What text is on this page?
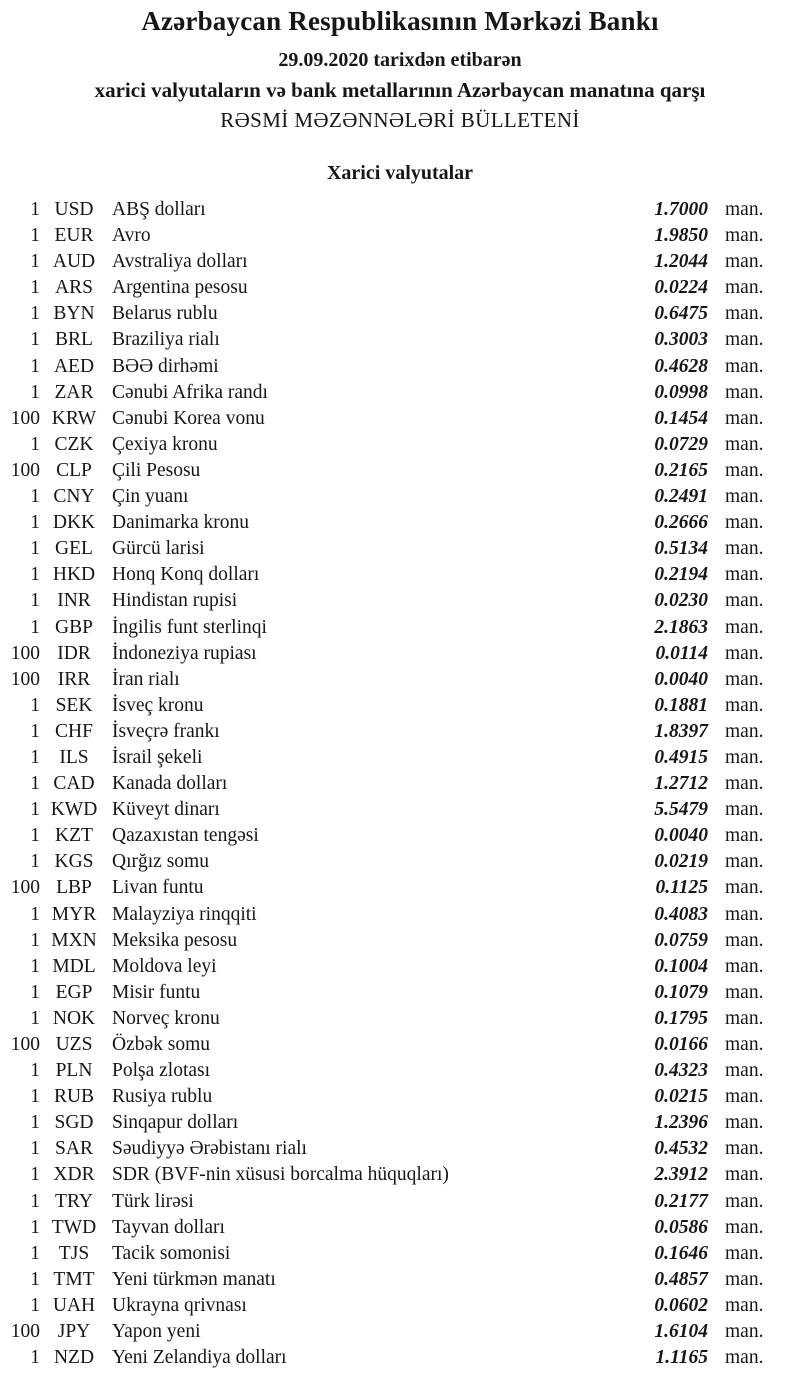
Azərbaycan Respublikasının Mərkəzi Bankı
29.09.2020 tarixdən etibarən
xarici valyutaların və bank metallarının Azərbaycan manatına qarşı
RƏSMİ MƏZƏNNƏLƏRİ BÜLLETENİ
Xarici valyutalar
1 USD ABŞ dolları	1.7000 man.
1 EUR Avro	1.9850 man.
1 AUD Avstraliya dolları	1.2044 man.
1 ARS Argentina pesosu	0.0224 man.
1 BYN Belarus rublu	0.6475 man.
1 BRL Braziliya rialı	0.3003 man.
1 AED BƏƏ dirhəmi	0.4628 man.
1 ZAR Cənubi Afrika randı	0.0998 man.
100 KRW Cənubi Korea vonu	0.1454 man.
1 CZK Çexiya kronu	0.0729 man.
100 CLP	Çili Pesosu	0.2165 man.
1 CNY Çin yuanı	0.2491 man.
1 DKK Danimarka kronu	0.2666 man.
1 GEL Gürcü larisi	0.5134 man.
1 HKD Honq Konq dolları	0.2194 man.
1 INR	Hindistan rupisi	0.0230 man.
1 GBP İngilis funt sterlinqi	2.1863 man.
100 IDR	İndoneziya rupiası	0.0114 man.
100 IRR	İran rialı	0.0040 man.
1 SEK	İsveç kronu	0.1881 man.
1 CHF İsveçrə frankı	1.8397 man.
1 ILS	İsrail şekeli	0.4915 man.
1 CAD Kanada dolları	1.2712 man.
1 KWD Küveyt dinarı	5.5479 man.
1 KZT Qazaxıstan tengəsi	0.0040 man.
1 KGS Qırğız somu	0.0219 man.
100 LBP	Livan funtu	0.1125 man.
1 MYR Malayziya rinqqiti	0.4083 man.
1 MXN Meksika pesosu	0.0759 man.
1 MDL Moldova leyi	0.1004 man.
1 EGP	Misir funtu	0.1079 man.
1 NOK Norveç kronu	0.1795 man.
100 UZS	Özbək somu	0.0166 man.
1 PLN	Polşa zlotası	0.4323 man.
1 RUB Rusiya rublu	0.0215 man.
1 SGD Sinqapur dolları	1.2396 man.
1 SAR Səudiyyə Ərəbistanı rialı	0.4532 man.
1 XDR SDR (BVF-nin xüsusi borcalma hüquqları)	2.3912 man.
1 TRY Türk lirəsi	0.2177 man.
1 TWD Tayvan dolları	0.0586 man.
1 TJS	Tacik somonisi	0.1646 man.
1 TMT Yeni türkmən manatı	0.4857 man.
1 UAH Ukrayna qrivnası	0.0602 man.
100 JPY	Yapon yeni	1.6104 man.
1 NZD Yeni Zelandiya dolları	1.1165 man.
